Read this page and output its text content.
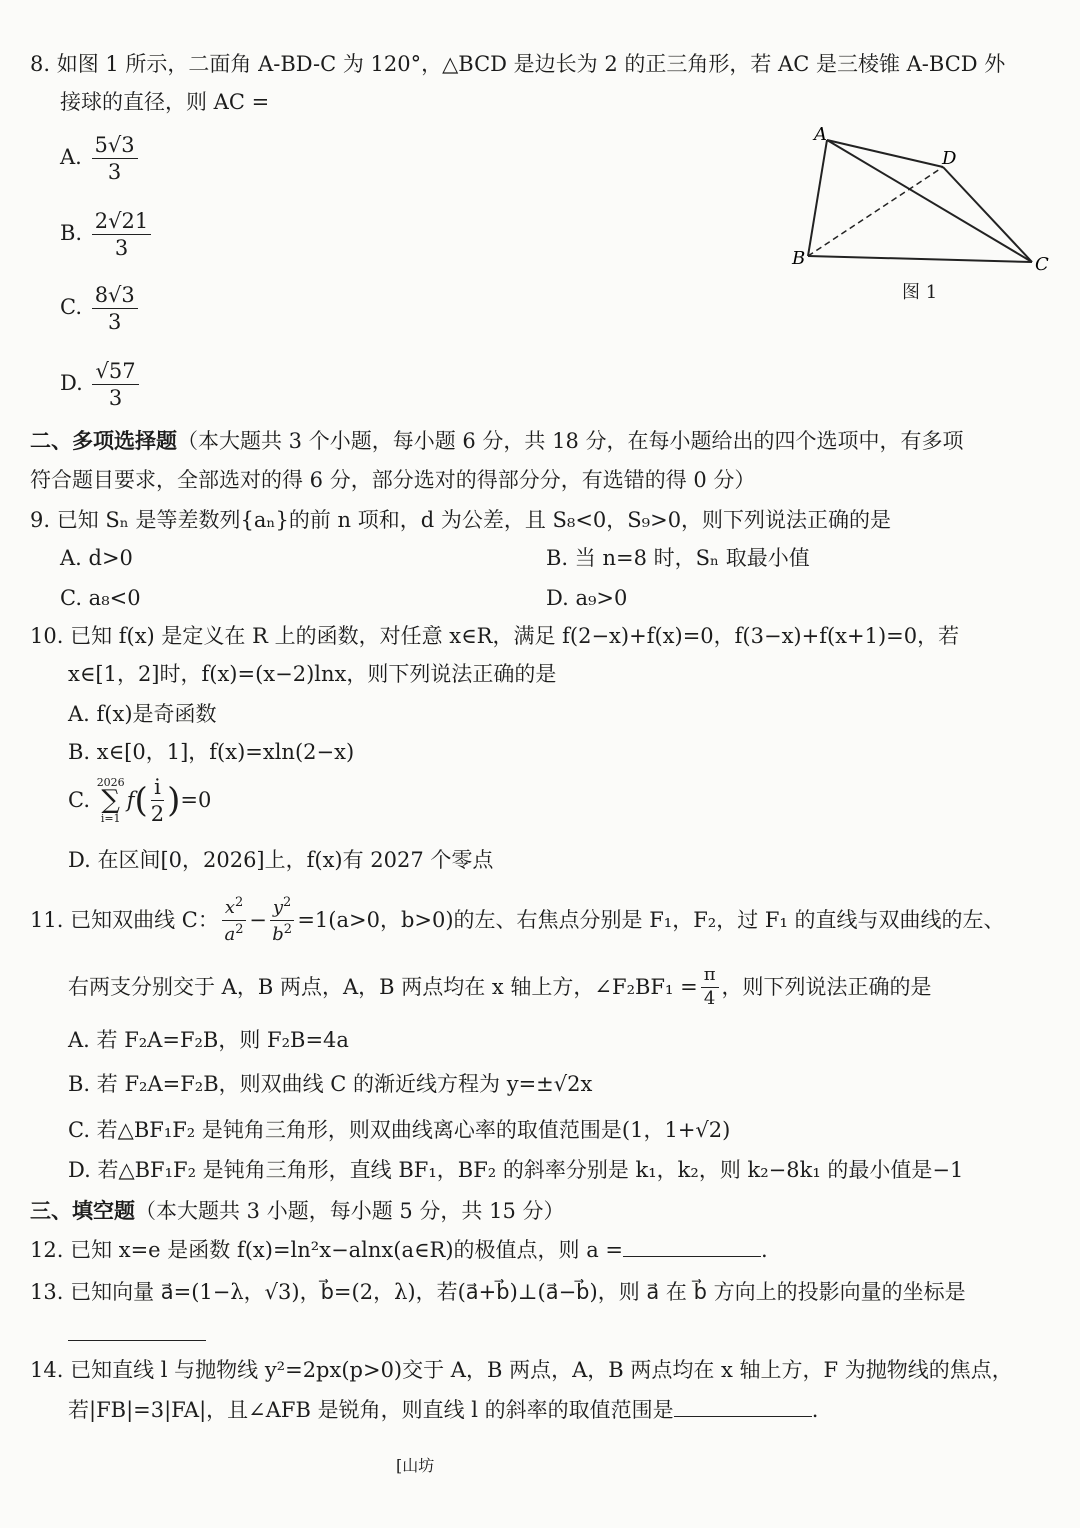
8. 如图 1 所示，二面角 A-BD-C 为 120°，△BCD 是边长为 2 的正三角形，若 AC 是三棱锥 A-BCD 外
接球的直径，则 AC =
A. $\frac{5√3}{3}$
B. $\frac{2√21}{3}$
C. $\frac{8√3}{3}$
D. $\frac{√57}{3}$
A
D
B	C
图 1
二、多项选择题（本大题共 3 个小题，每小题 6 分，共 18 分，在每小题给出的四个选项中，有多项
符合题目要求，全部选对的得 6 分，部分选对的得部分分，有选错的得 0 分）
9. 已知 Sₙ 是等差数列{aₙ}的前 n 项和，d 为公差，且 S₈<0，S₉>0，则下列说法正确的是
A. d>0	B. 当 n=8 时，Sₙ 取最小值
C. a₈<0	D. a₉>0
10. 已知 f(x) 是定义在 R 上的函数，对任意 x∈R，满足 f(2−x)+f(x)=0，f(3−x)+f(x+1)=0，若
x∈[1，2]时，f(x)=(x−2)lnx，则下列说法正确的是
A. f(x)是奇函数
B. x∈[0，1]，f(x)=xln(2−x)
C. 2026
∑
$i=1f( \frac{i}{2} )=0$
D. 在区间[0，2026]上，f(x)有 2027 个零点
11. 已知双曲线 C： $\frac{x^2}{a^2} - \frac{y^2}{b^2} =1(a>0$，b>0)的左、右焦点分别是 F₁，F₂，过 F₁ 的直线与双曲线的左、
右两支分别交于 A，B 两点，A，B 两点均在 x 轴上方，∠F₂BF₁ = $\frac{\pi}{4}$ ，则下列说法正确的是
A. 若 F₂A=F₂B，则 F₂B=4a
B. 若 F₂A=F₂B，则双曲线 C 的渐近线方程为 y=±√2x
C. 若△BF₁F₂ 是钝角三角形，则双曲线离心率的取值范围是(1，1+√2)
D. 若△BF₁F₂ 是钝角三角形，直线 BF₁，BF₂ 的斜率分别是 k₁，k₂，则 k₂−8k₁ 的最小值是−1
三、填空题（本大题共 3 小题，每小题 5 分，共 15 分）
12. 已知 x=e 是函数 f(x)=ln²x−alnx(a∈R)的极值点，则 a =	.
13. 已知向量 a⃗=(1−λ，√3)，b⃗=(2，λ)，若(a⃗+b⃗)⊥(a⃗−b⃗)，则 a⃗ 在 b⃗ 方向上的投影向量的坐标是
14. 已知直线 l 与抛物线 y²=2px(p>0)交于 A，B 两点，A，B 两点均在 x 轴上方，F 为抛物线的焦点，
若|FB|=3|FA|，且∠AFB 是锐角，则直线 l 的斜率的取值范围是	.
[山坊
